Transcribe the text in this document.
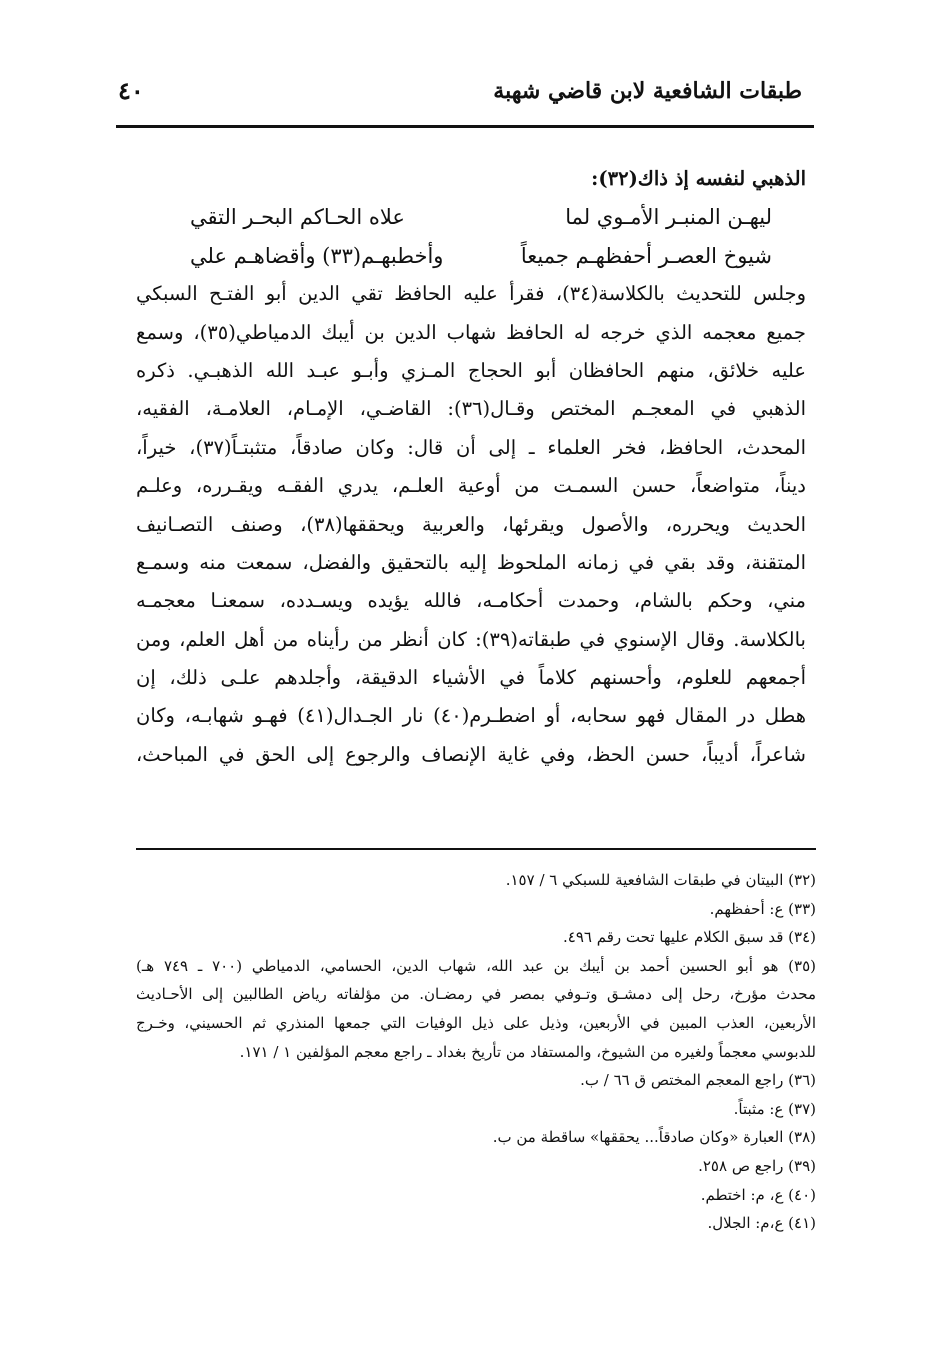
طبقات الشافعية لابن قاضي شهبة
٤٠
الذهبي لنفسه إذ ذاك(٣٢):
ليهـن المنبـر الأمـوي لما
علاه الحـاكم البحـر التقي
شيوخ العصـر أحفظهـم جميعاً
وأخطبهـم(٣٣) وأقضاهـم علي
وجلس للتحديث بالكلاسة(٣٤)، فقرأ عليه الحافظ تقي الدين أبو الفتـح السبكي
جميع معجمه الذي خرجه له الحافظ شهاب الدين بن أيبك الدمياطي(٣٥)، وسمع
عليه خلائق، منهم الحافظان أبو الحجاج المـزي وأبـو عبـد الله الذهبـي. ذكره
الذهبي في المعجـم المختص وقـال(٣٦): القاضـي، الإمـام، العلامـة، الفقيه،
المحدث، الحافظ، فخر العلماء ـ إلى أن قال: وكان صادقاً، متثبتـاً(٣٧)، خيراً،
ديناً، متواضعاً، حسن السمـت من أوعية العلـم، يدري الفقـه ويقـرره، وعلـم
الحديث ويحرره، والأصول ويقرئها، والعربية ويحققها(٣٨)، وصنف التصـانيف
المتقنة، وقد بقي في زمانه الملحوظ إليه بالتحقيق والفضل، سمعت منه وسمـع
مني، وحكم بالشام، وحمدت أحكامـه، فالله يؤيده ويسـدده، سمعنـا معجمـه
بالكلاسة. وقال الإسنوي في طبقاته(٣٩): كان أنظر من رأيناه من أهل العلم، ومن
أجمعهم للعلوم، وأحسنهم كلاماً في الأشياء الدقيقة، وأجلدهم علـى ذلك، إن
هطل در المقال فهو سحابه، أو اضطـرم(٤٠) نار الجـدال(٤١) فهـو شهابـه، وكان
شاعراً، أديباً، حسن الحظ، وفي غاية الإنصاف والرجوع إلى الحق في المباحث،
(٣٢) البيتان في طبقات الشافعية للسبكي ٦ / ١٥٧.
(٣٣) ع: أحفظهم.
(٣٤) قد سبق الكلام عليها تحت رقم ٤٩٦.
(٣٥) هو أبو الحسين أحمد بن أيبك بن عبد الله، شهاب الدين، الحسامي، الدمياطي (٧٠٠ ـ ٧٤٩ هـ)
محدث مؤرخ، رحل إلى دمشـق وتـوفي بمصر في رمضـان. من مؤلفاته رياض الطالبين إلى الأحـاديث
الأربعين، العذب المبين في الأربعين، وذيل على ذيل الوفيات التي جمعها المنذري ثم الحسيني، وخـرج
للدبوسي معجماً ولغيره من الشيوخ، والمستفاد من تأريخ بغداد ـ راجع معجم المؤلفين ١ / ١٧١.
(٣٦) راجع المعجم المختص ق ٦٦ / ب.
(٣٧) ع: مثبتاً.
(٣٨) العبارة «وكان صادقاً... يحققها» ساقطة من ب.
(٣٩) راجع ص ٢٥٨.
(٤٠) ع، م: اختطم.
(٤١) ع،م: الجلال.
